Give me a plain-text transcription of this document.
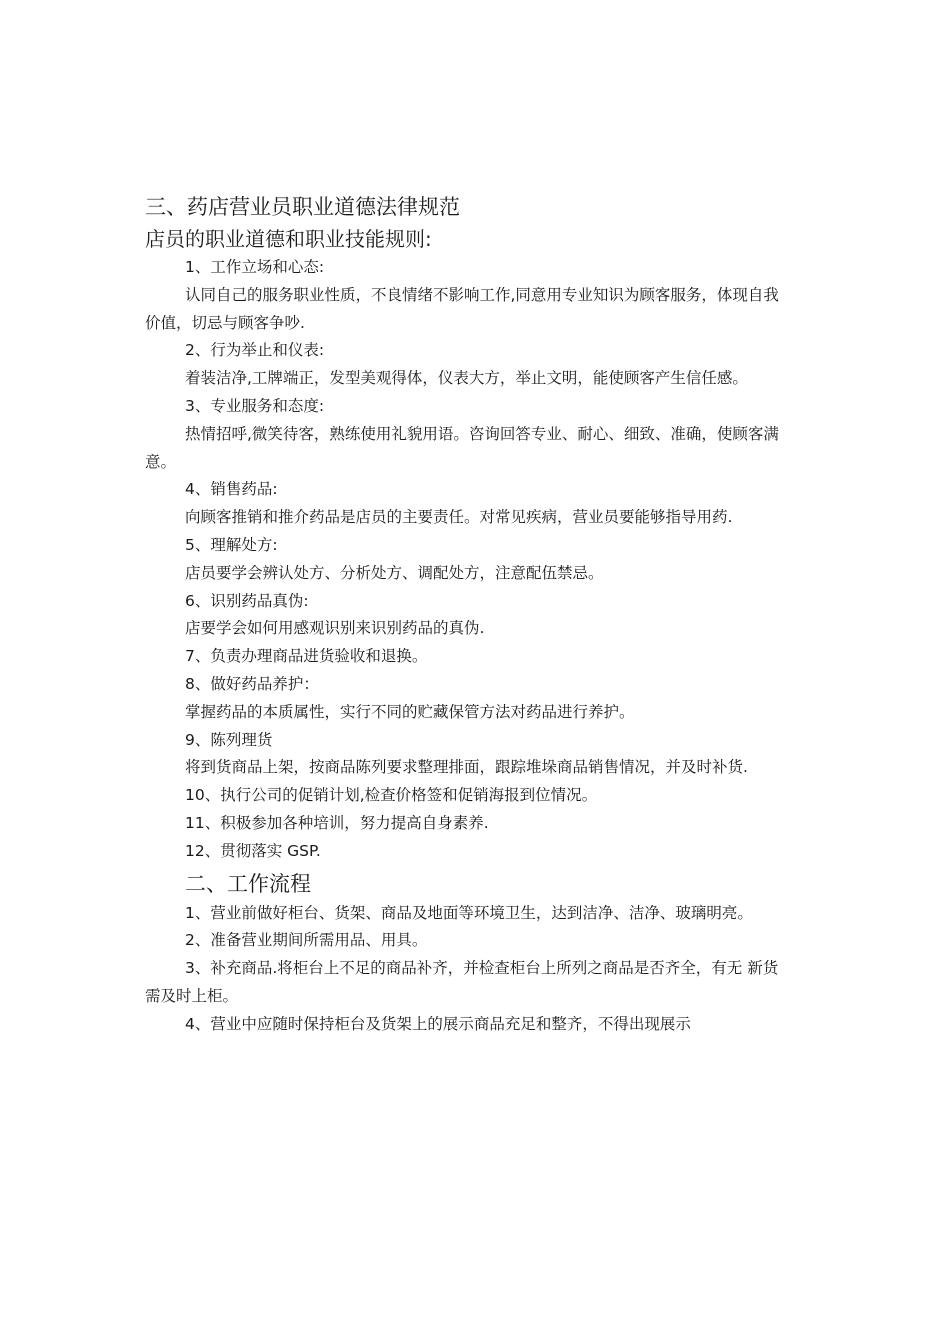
三、药店营业员职业道德法律规范
店员的职业道德和职业技能规则:
1、工作立场和心态:
认同自己的服务职业性质，不良情绪不影响工作,同意用专业知识为顾客服务，体现自我价值，切忌与顾客争吵.
2、行为举止和仪表:
着装洁净,工牌端正，发型美观得体，仪表大方，举止文明，能使顾客产生信任感。
3、专业服务和态度:
热情招呼,微笑待客，熟练使用礼貌用语。咨询回答专业、耐心、细致、准确，使顾客满意。
4、销售药品:
向顾客推销和推介药品是店员的主要责任。对常见疾病，营业员要能够指导用药.
5、理解处方:
店员要学会辨认处方、分析处方、调配处方，注意配伍禁忌。
6、识别药品真伪:
店要学会如何用感观识别来识别药品的真伪.
7、负责办理商品进货验收和退换。
8、做好药品养护：
掌握药品的本质属性，实行不同的贮藏保管方法对药品进行养护。
9、陈列理货
将到货商品上架，按商品陈列要求整理排面，跟踪堆垛商品销售情况，并及时补货.
10、执行公司的促销计划,检查价格签和促销海报到位情况。
11、积极参加各种培训，努力提高自身素养.
12、贯彻落实 GSP.
二、工作流程
1、营业前做好柜台、货架、商品及地面等环境卫生，达到洁净、洁净、玻璃明亮。
2、准备营业期间所需用品、用具。
3、补充商品.将柜台上不足的商品补齐，并检查柜台上所列之商品是否齐全，有无 新货需及时上柜。
4、营业中应随时保持柜台及货架上的展示商品充足和整齐，不得出现展示
